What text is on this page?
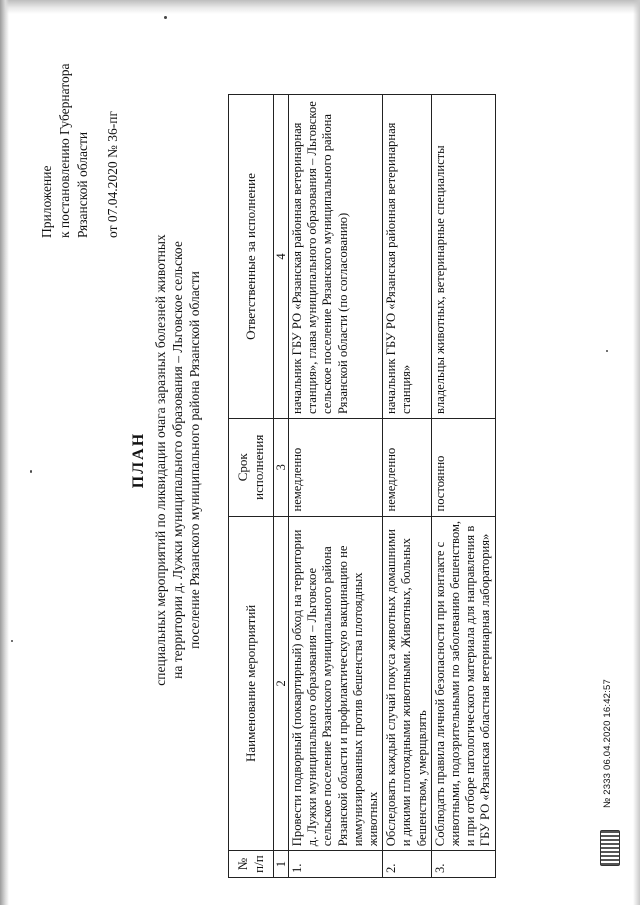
Приложение к постановлению Губернатора Рязанской области от 07.04.2020 № 36-пг
ПЛАН специальных мероприятий по ликвидации очага заразных болезней животных на территории д. Лужки муниципального образования – Льговское сельское поселение Рязанского муниципального района Рязанской области
№ п/п	Наименование мероприятий	Срок исполнения	Ответственные за исполнение
1	2	3	4
1.	Провести подворный (поквартирный) обход на территории д. Лужки муниципального образования – Льговское сельское поселение Рязанского муниципального района Рязанской области и профилактическую вакцинацию не иммунизированных против бешенства плотоядных животных	немедленно	начальник ГБУ РО «Рязанская районная ветеринарная станция», глава муниципального образования – Льговское сельское поселение Рязанского муниципального района Рязанской области (по согласованию)
2.	Обследовать каждый случай покуса животных домашними и дикими плотоядными животными. Животных, больных бешенством, умерщвлять	немедленно	начальник ГБУ РО «Рязанская районная ветеринарная станция»
3.	Соблюдать правила личной безопасности при контакте с животными, подозрительными по заболеванию бешенством, и при отборе патологического материала для направления в ГБУ РО «Рязанская областная ветеринарная лаборатория»	постоянно	владельцы животных, ветеринарные специалисты
№ 2333 06.04.2020 16:42:57
